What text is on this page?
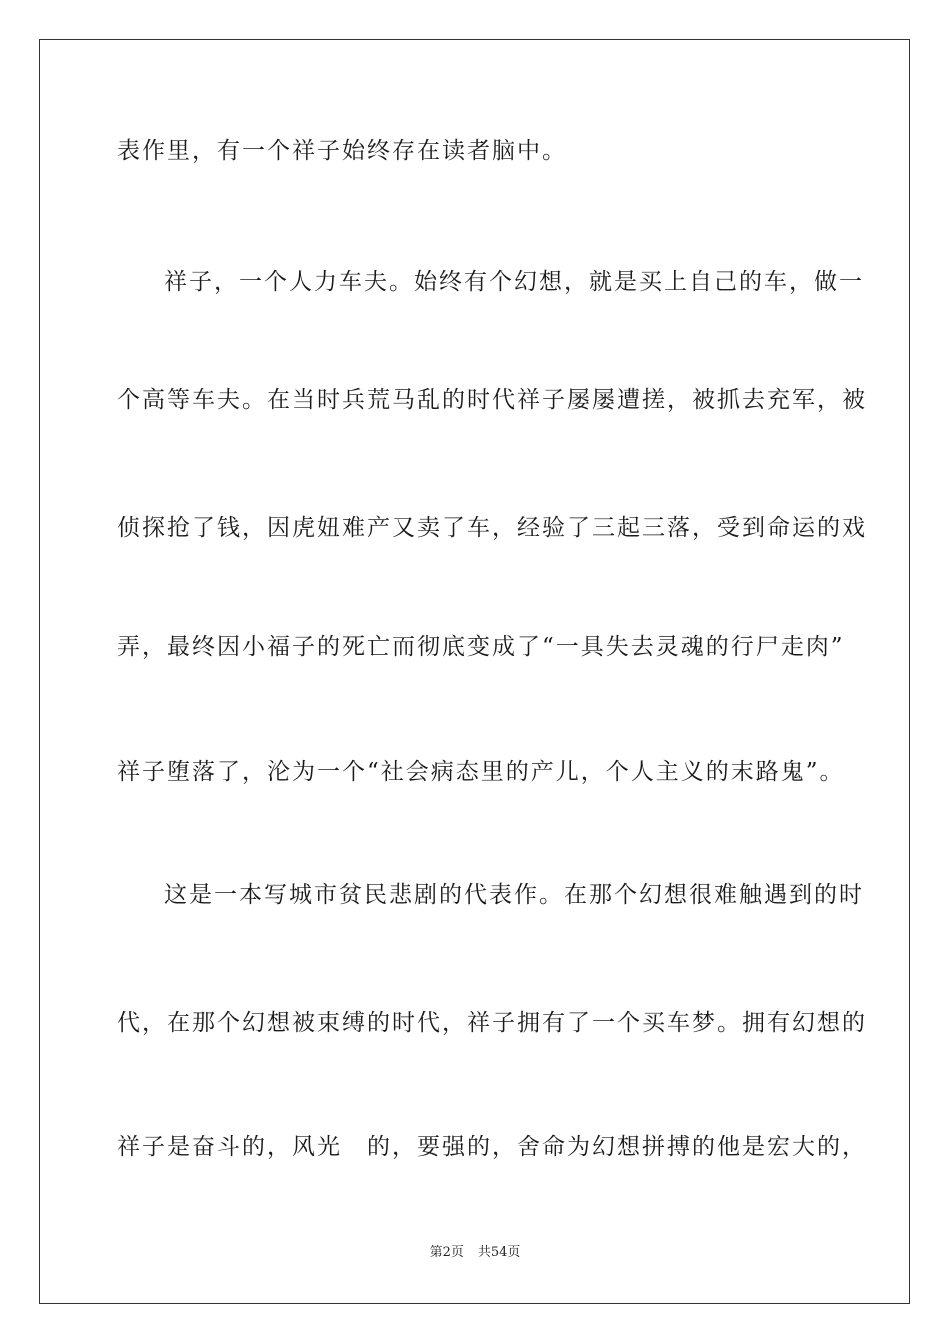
表作里，有一个祥子始终存在读者脑中。
祥子，一个人力车夫。始终有个幻想，就是买上自己的车，做一
个高等车夫。在当时兵荒马乱的时代祥子屡屡遭搓，被抓去充军，被
侦探抢了钱，因虎妞难产又卖了车，经验了三起三落，受到命运的戏
弄，最终因小福子的死亡而彻底变成了“一具失去灵魂的行尸走肉”
祥子堕落了，沦为一个“社会病态里的产儿，个人主义的末路鬼”。
这是一本写城市贫民悲剧的代表作。在那个幻想很难触遇到的时
代，在那个幻想被束缚的时代，祥子拥有了一个买车梦。拥有幻想的
祥子是奋斗的，风光　的，要强的，舍命为幻想拼搏的他是宏大的，
第2页 共54页
